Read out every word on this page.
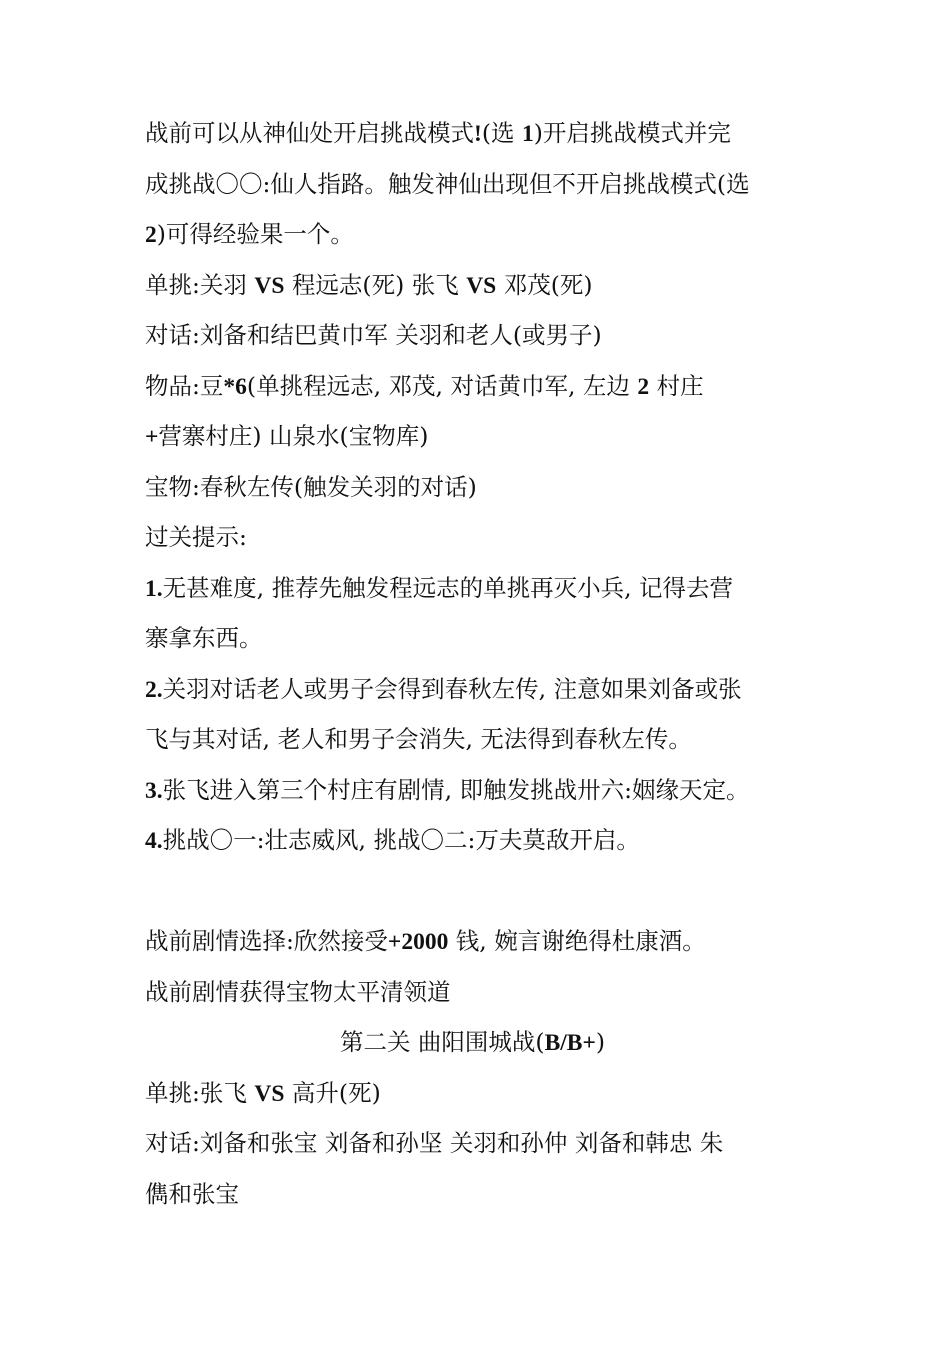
战前可以从神仙处开启挑战模式!(选 1)开启挑战模式并完
成挑战〇〇:仙人指路。触发神仙出现但不开启挑战模式(选
2)可得经验果一个。
单挑:关羽 VS 程远志(死) 张飞 VS 邓茂(死)
对话:刘备和结巴黄巾军 关羽和老人(或男子)
物品:豆*6(单挑程远志, 邓茂, 对话黄巾军, 左边 2 村庄
+营寨村庄) 山泉水(宝物库)
宝物:春秋左传(触发关羽的对话)
过关提示:
1.无甚难度, 推荐先触发程远志的单挑再灭小兵, 记得去营
寨拿东西。
2.关羽对话老人或男子会得到春秋左传, 注意如果刘备或张
飞与其对话, 老人和男子会消失, 无法得到春秋左传。
3.张飞进入第三个村庄有剧情, 即触发挑战卅六:姻缘天定。
4.挑战〇一:壮志威风, 挑战〇二:万夫莫敌开启。
战前剧情选择:欣然接受+2000 钱, 婉言谢绝得杜康酒。
战前剧情获得宝物太平清领道
第二关 曲阳围城战(B/B+)
单挑:张飞 VS 高升(死)
对话:刘备和张宝 刘备和孙坚 关羽和孙仲 刘备和韩忠 朱
儁和张宝
